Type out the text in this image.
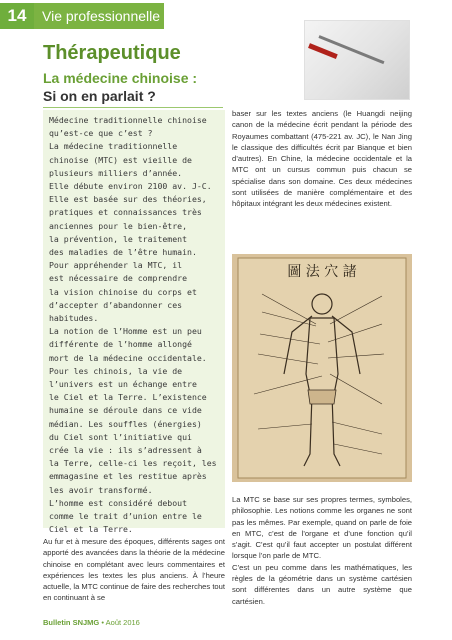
14	Vie professionnelle
Thérapeutique
La médecine chinoise :
Si on en parlait ?

Médecine traditionnelle chinoise
qu’est-ce que c’est ?
La médecine traditionnelle
chinoise (MTC) est vieille de
plusieurs milliers d’année.
Elle débute environ 2100 av. J-C.
Elle est basée sur des théories,
pratiques et connaissances très
anciennes pour le bien-être,
la prévention, le traitement
des maladies de l’être humain.
Pour appréhender la MTC, il
est nécessaire de comprendre
la vision chinoise du corps et
d’accepter d’abandonner ces
habitudes.
La notion de l’Homme est un peu
différente de l’homme allongé
mort de la médecine occidentale.
Pour les chinois, la vie de
l’univers est un échange entre
le Ciel et la Terre. L’existence
humaine se déroule dans ce vide
médian. Les souffles (énergies)
du Ciel sont l’initiative qui
crée la vie : ils s’adressent à
la Terre, celle-ci les reçoit, les
emmagasine et les restitue après
les avoir transformé.
L’homme est considéré debout
comme le trait d’union entre le
Ciel et la Terre.

Au fur et à mesure des époques, différents sages ont apporté des avancées dans la théorie de la médecine chinoise en complétant avec leurs commentaires et expériences les textes les plus anciens. À l’heure actuelle, la MTC continue de faire des recherches tout en continuant à se

baser sur les textes anciens (le Huangdi neijing canon de la médecine écrit pendant la période des Royaumes combattant (475-221 av. JC), le Nan Jing le classique des difficultés écrit par Bianque et bien d’autres). En Chine, la médecine occidentale et la MTC ont un cursus commun puis chacun se spécialise dans son domaine. Ces deux médecines sont utilisées de manière complémentaire et des hôpitaux intégrant les deux médecines existent.

圖 法 穴 諸

La MTC se base sur ses propres termes, symboles, philosophie. Les notions comme les organes ne sont pas les mêmes. Par exemple, quand on parle de foie en MTC, c’est de l’organe et d’une fonction qu’il s’agit. C’est qu’il faut accepter un postulat différent lorsque l’on parle de MTC.
C’est un peu comme dans les mathématiques, les règles de la géométrie dans un système cartésien sont différentes dans un autre système que cartésien.

Bulletin SNJMG • Août 2016
